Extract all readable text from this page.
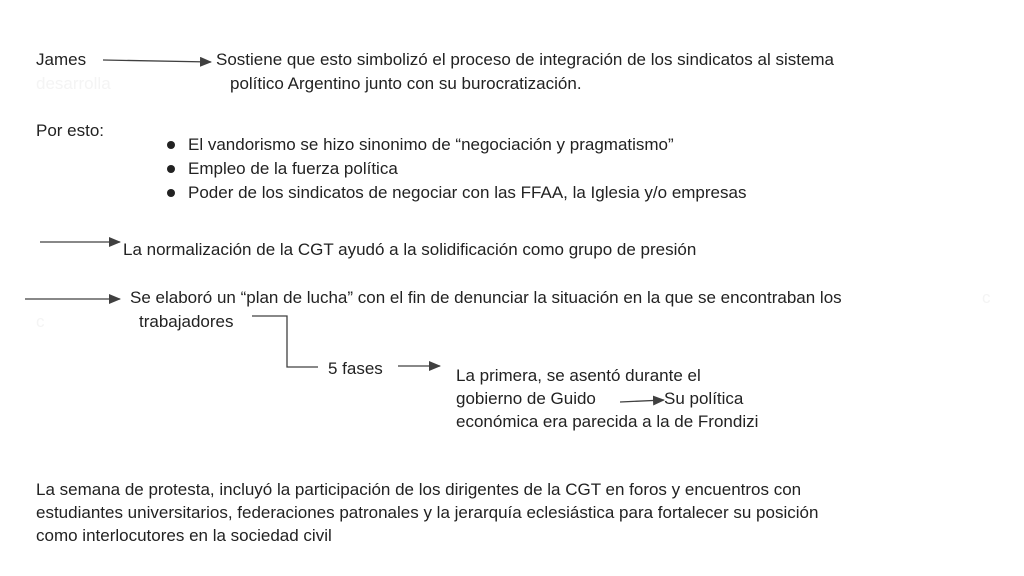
James
desarrolla
Sostiene que esto simbolizó el proceso de integración de los sindicatos al sistema
político Argentino junto con su burocratización.
Por esto:
El vandorismo se hizo sinonimo de “negociación y pragmatismo”
Empleo de la fuerza política
Poder de los sindicatos de negociar con las FFAA, la Iglesia y/o empresas
La normalización de la CGT ayudó a la solidificación como grupo de presión
Se elaboró un “plan de lucha” con el fin de denunciar la situación en la que se encontraban los	c
c	trabajadores
5 fases	La primera, se asentó durante el
gobierno de Guido	Su política
económica era parecida a la de Frondizi
La semana de protesta, incluyó la participación de los dirigentes de la CGT en foros y encuentros con
estudiantes universitarios, federaciones patronales y la jerarquía eclesiástica para fortalecer su posición
como interlocutores en la sociedad civil
